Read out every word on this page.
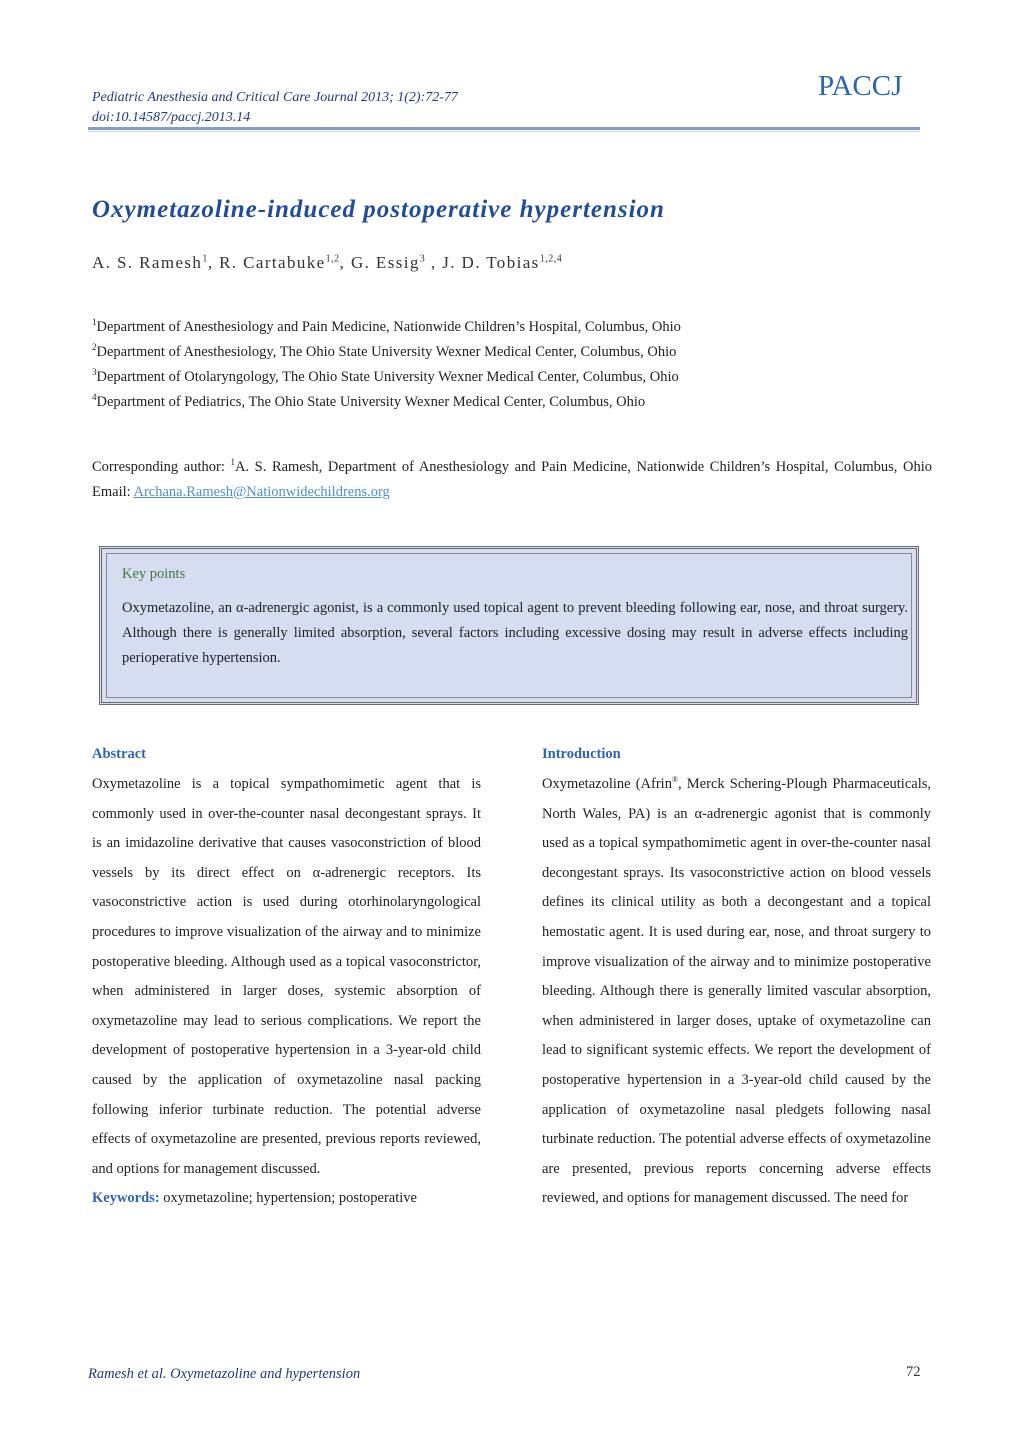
Pediatric Anesthesia and Critical Care Journal 2013; 1(2):72-77
doi:10.14587/paccj.2013.14
PACCJ
Oxymetazoline-induced postoperative hypertension
A. S. Ramesh$^1$, R. Cartabuke$^{1,2}$, G. Essig$^3$ , J. D. Tobias$^{1,2,4}$
$^1$Department of Anesthesiology and Pain Medicine, Nationwide Children’s Hospital, Columbus, Ohio
$^2$Department of Anesthesiology, The Ohio State University Wexner Medical Center, Columbus, Ohio
$^3$Department of Otolaryngology, The Ohio State University Wexner Medical Center, Columbus, Ohio
$^4$Department of Pediatrics, The Ohio State University Wexner Medical Center, Columbus, Ohio
Corresponding author: $^1$A. S. Ramesh, Department of Anesthesiology and Pain Medicine, Nationwide Children’s Hospital, Columbus, Ohio Email: Archana.Ramesh@Nationwidechildrens.org
Key points
Oxymetazoline, an α-adrenergic agonist, is a commonly used topical agent to prevent bleeding following ear, nose, and throat surgery. Although there is generally limited absorption, several factors including excessive dosing may result in adverse effects including perioperative hypertension.
Abstract
Oxymetazoline is a topical sympathomimetic agent that is commonly used in over-the-counter nasal decongestant sprays. It is an imidazoline derivative that causes vasoconstriction of blood vessels by its direct effect on α-adrenergic receptors. Its vasoconstrictive action is used during otorhinolaryngological procedures to improve visualization of the airway and to minimize postoperative bleeding. Although used as a topical vasoconstrictor, when administered in larger doses, systemic absorption of oxymetazoline may lead to serious complications. We report the development of postoperative hypertension in a 3-year-old child caused by the application of oxymetazoline nasal packing following inferior turbinate reduction. The potential adverse effects of oxymetazoline are presented, previous reports reviewed, and options for management discussed.
Keywords: oxymetazoline; hypertension; postoperative
Introduction
Oxymetazoline (Afrin®, Merck Schering-Plough Pharmaceuticals, North Wales, PA) is an α-adrenergic agonist that is commonly used as a topical sympathomimetic agent in over-the-counter nasal decongestant sprays. Its vasoconstrictive action on blood vessels defines its clinical utility as both a decongestant and a topical hemostatic agent. It is used during ear, nose, and throat surgery to improve visualization of the airway and to minimize postoperative bleeding. Although there is generally limited vascular absorption, when administered in larger doses, uptake of oxymetazoline can lead to significant systemic effects. We report the development of postoperative hypertension in a 3-year-old child caused by the application of oxymetazoline nasal pledgets following nasal turbinate reduction. The potential adverse effects of oxymetazoline are presented, previous reports concerning adverse effects reviewed, and options for management discussed. The need for
Ramesh et al. Oxymetazoline and hypertension	72
